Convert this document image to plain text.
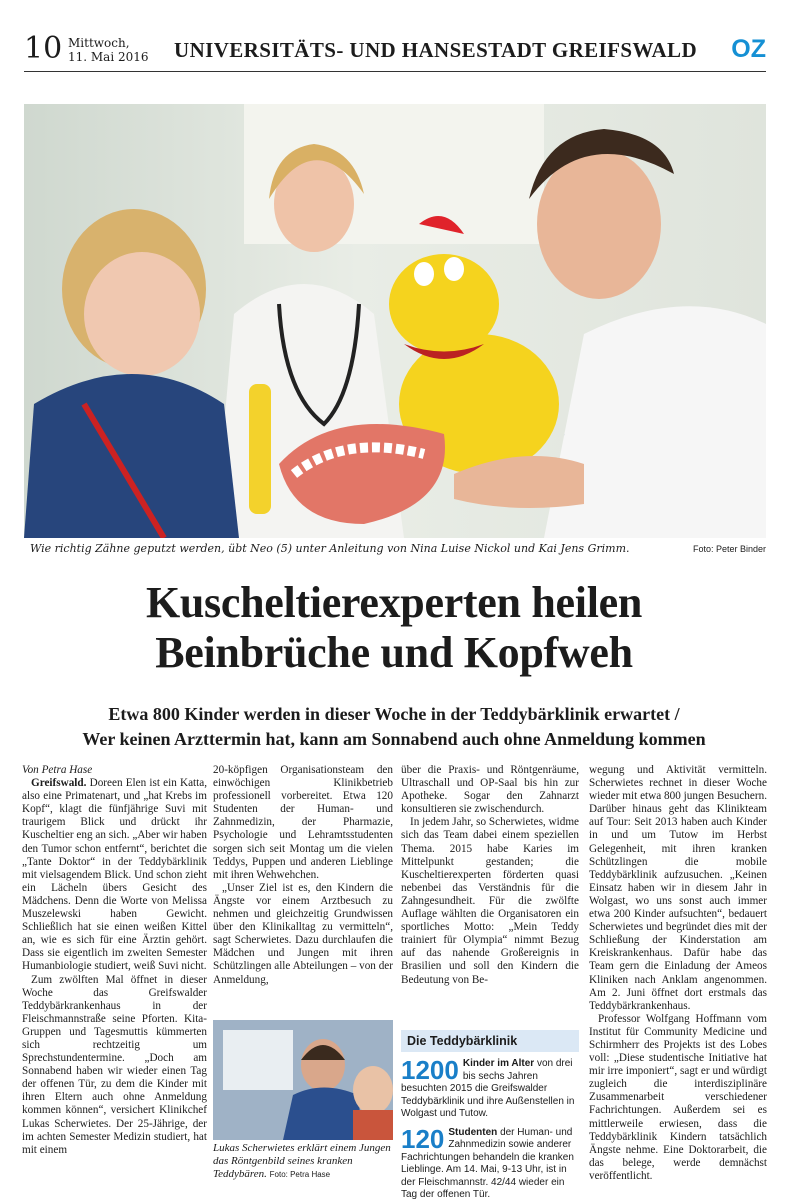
10 Mittwoch,
11. Mai 2016 UNIVERSITÄTS- UND HANSESTADT GREIFSWALD OZ
Wie richtig Zähne geputzt werden, übt Neo (5) unter Anleitung von Nina Luise Nickol und Kai Jens Grimm.	Foto: Peter Binder
Kuscheltierexperten heilen
Beinbrüche und Kopfweh
Etwa 800 Kinder werden in dieser Woche in der Teddybärklinik erwartet /
Wer keinen Arzttermin hat, kann am Sonnabend auch ohne Anmeldung kommen

Von Petra Hase

Greifswald. Doreen Elen ist ein Katta, also eine Primatenart, und „hat Krebs im Kopf“, klagt die fünfjährige Suvi mit traurigem Blick und drückt ihr Kuscheltier eng an sich. „Aber wir haben den Tumor schon entfernt“, berichtet die „Tante Doktor“ in der Teddybärklinik mit vielsagendem Blick. Und schon zieht ein Lächeln übers Gesicht des Mädchens. Denn die Worte von Melissa Muszelewski haben Gewicht. Schließlich hat sie einen weißen Kittel an, wie es sich für eine Ärztin gehört. Dass sie eigentlich im zweiten Semester Humanbiologie studiert, weiß Suvi nicht.

Zum zwölften Mal öffnet in dieser Woche das Greifswalder Teddybärkrankenhaus in der Fleischmannstraße seine Pforten. Kita-Gruppen und Tagesmuttis kümmerten sich rechtzeitig um Sprechstundentermine. „Doch am Sonnabend haben wir wieder einen Tag der offenen Tür, zu dem die Kinder mit ihren Eltern auch ohne Anmeldung kommen können“, versichert Klinikchef Lukas Scherwietes. Der 25-Jährige, der im achten Semester Medizin studiert, hat mit einem

20-köpfigen Organisationsteam den einwöchigen Klinikbetrieb professionell vorbereitet. Etwa 120 Studenten der Human- und Zahnmedizin, der Pharmazie, Psychologie und Lehramtsstudenten sorgen sich seit Montag um die vielen Teddys, Puppen und anderen Lieblinge mit ihren Wehwehchen.

„Unser Ziel ist es, den Kindern die Ängste vor einem Arztbesuch zu nehmen und gleichzeitig Grundwissen über den Klinikalltag zu vermitteln“, sagt Scherwietes. Dazu durchlaufen die Mädchen und Jungen mit ihren Schützlingen alle Abteilungen – von der Anmeldung,

Lukas Scherwietes erklärt einem Jungen das Röntgenbild seines kranken Teddybären. Foto: Petra Hase

über die Praxis- und Röntgenräume, Ultraschall und OP-Saal bis hin zur Apotheke. Sogar den Zahnarzt konsultieren sie zwischendurch.

In jedem Jahr, so Scherwietes, widme sich das Team dabei einem speziellen Thema. 2015 habe Karies im Mittelpunkt gestanden; die Kuscheltierexperten förderten quasi nebenbei das Verständnis für die Zahngesundheit. Für die zwölfte Auflage wählten die Organisatoren ein sportliches Motto: „Mein Teddy trainiert für Olympia“ nimmt Bezug auf das nahende Großereignis in Brasilien und soll den Kindern die Bedeutung von Be-

Die Teddybärklinik
1200 Kinder im Alter von drei bis sechs Jahren besuchten 2015 die Greifswalder Teddybärklinik und ihre Außenstellen in Wolgast und Tutow.
120 Studenten der Human- und Zahnmedizin sowie anderer Fachrichtungen behandeln die kranken Lieblinge. Am 14. Mai, 9-13 Uhr, ist in der Fleischmannstr. 42/44 wieder ein Tag der offenen Tür.

wegung und Aktivität vermitteln. Scherwietes rechnet in dieser Woche wieder mit etwa 800 jungen Besuchern. Darüber hinaus geht das Klinikteam auf Tour: Seit 2013 haben auch Kinder in und um Tutow im Herbst Gelegenheit, mit ihren kranken Schützlingen die mobile Teddybärklinik aufzusuchen. „Keinen Einsatz haben wir in diesem Jahr in Wolgast, wo uns sonst auch immer etwa 200 Kinder aufsuchten“, bedauert Scherwietes und begründet dies mit der Schließung der Kinderstation am Kreiskrankenhaus. Dafür habe das Team gern die Einladung der Ameos Kliniken nach Anklam angenommen. Am 2. Juni öffnet dort erstmals das Teddybärkrankenhaus.

Professor Wolfgang Hoffmann vom Institut für Community Medicine und Schirmherr des Projekts ist des Lobes voll: „Diese studentische Initiative hat mir irre imponiert“, sagt er und würdigt zugleich die interdisziplinäre Zusammenarbeit verschiedener Fachrichtungen. Außerdem sei es mittlerweile erwiesen, dass die Teddybärklinik Kindern tatsächlich Ängste nehme. Eine Doktorarbeit, die das belege, werde demnächst veröffentlicht.
